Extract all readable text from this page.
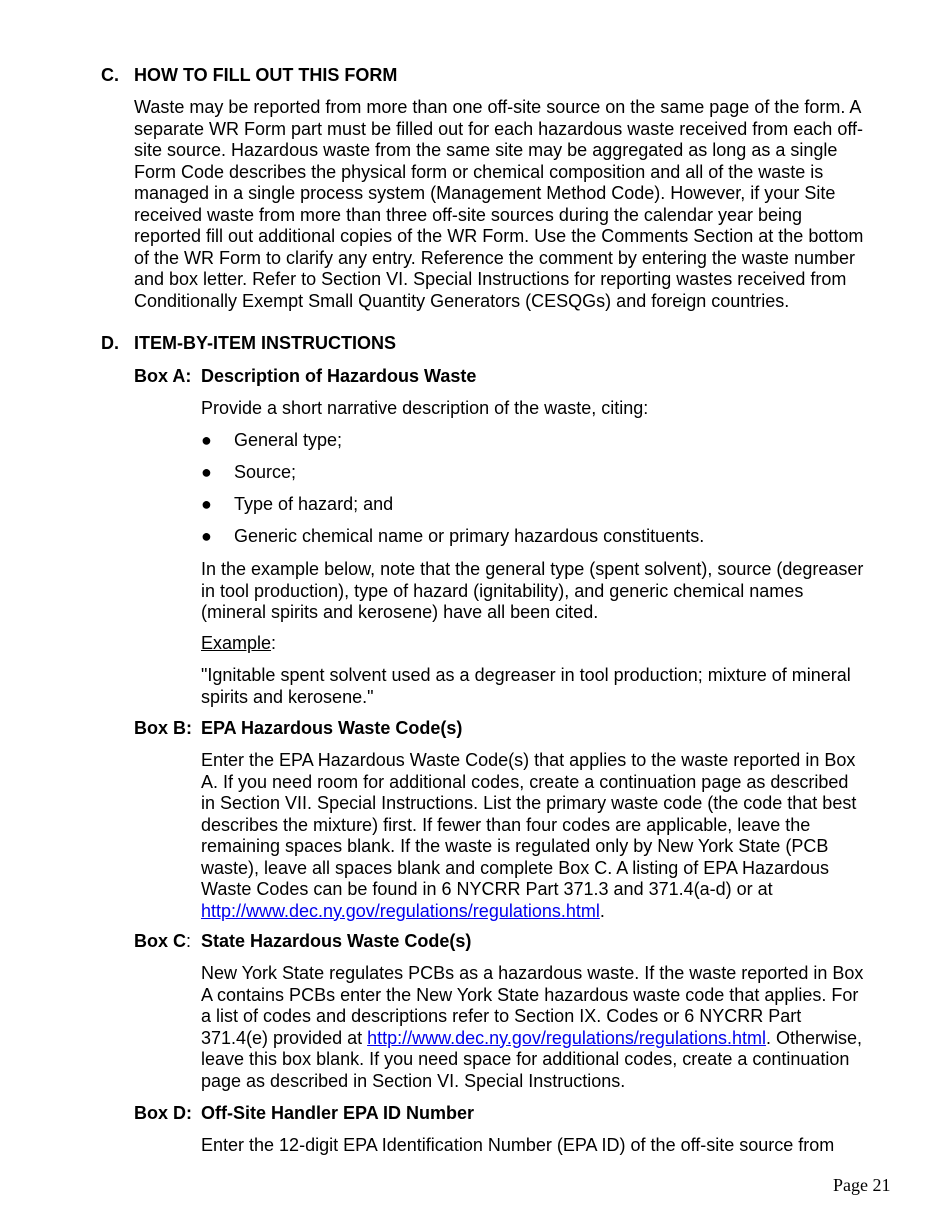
C. HOW TO FILL OUT THIS FORM
Waste may be reported from more than one off-site source on the same page of the form. A
separate WR Form part must be filled out for each hazardous waste received from each off-
site source. Hazardous waste from the same site may be aggregated as long as a single
Form Code describes the physical form or chemical composition and all of the waste is
managed in a single process system (Management Method Code). However, if your Site
received waste from more than three off-site sources during the calendar year being
reported fill out additional copies of the WR Form. Use the Comments Section at the bottom
of the WR Form to clarify any entry. Reference the comment by entering the waste number
and box letter. Refer to Section VI. Special Instructions for reporting wastes received from
Conditionally Exempt Small Quantity Generators (CESQGs) and foreign countries.
D. ITEM-BY-ITEM INSTRUCTIONS
Box A: Description of Hazardous Waste
Provide a short narrative description of the waste, citing:
● General type;
● Source;
● Type of hazard; and
● Generic chemical name or primary hazardous constituents.
In the example below, note that the general type (spent solvent), source (degreaser
in tool production), type of hazard (ignitability), and generic chemical names
(mineral spirits and kerosene) have all been cited.
Example:
"Ignitable spent solvent used as a degreaser in tool production; mixture of mineral
spirits and kerosene."
Box B: EPA Hazardous Waste Code(s)
Enter the EPA Hazardous Waste Code(s) that applies to the waste reported in Box
A. If you need room for additional codes, create a continuation page as described
in Section VII. Special Instructions. List the primary waste code (the code that best
describes the mixture) first. If fewer than four codes are applicable, leave the
remaining spaces blank. If the waste is regulated only by New York State (PCB
waste), leave all spaces blank and complete Box C. A listing of EPA Hazardous
Waste Codes can be found in 6 NYCRR Part 371.3 and 371.4(a-d) or at
http://www.dec.ny.gov/regulations/regulations.html.
Box C: State Hazardous Waste Code(s)
New York State regulates PCBs as a hazardous waste. If the waste reported in Box
A contains PCBs enter the New York State hazardous waste code that applies. For
a list of codes and descriptions refer to Section IX. Codes or 6 NYCRR Part
371.4(e) provided at http://www.dec.ny.gov/regulations/regulations.html. Otherwise,
leave this box blank. If you need space for additional codes, create a continuation
page as described in Section VI. Special Instructions.
Box D: Off-Site Handler EPA ID Number
Enter the 12-digit EPA Identification Number (EPA ID) of the off-site source from
Page 21
